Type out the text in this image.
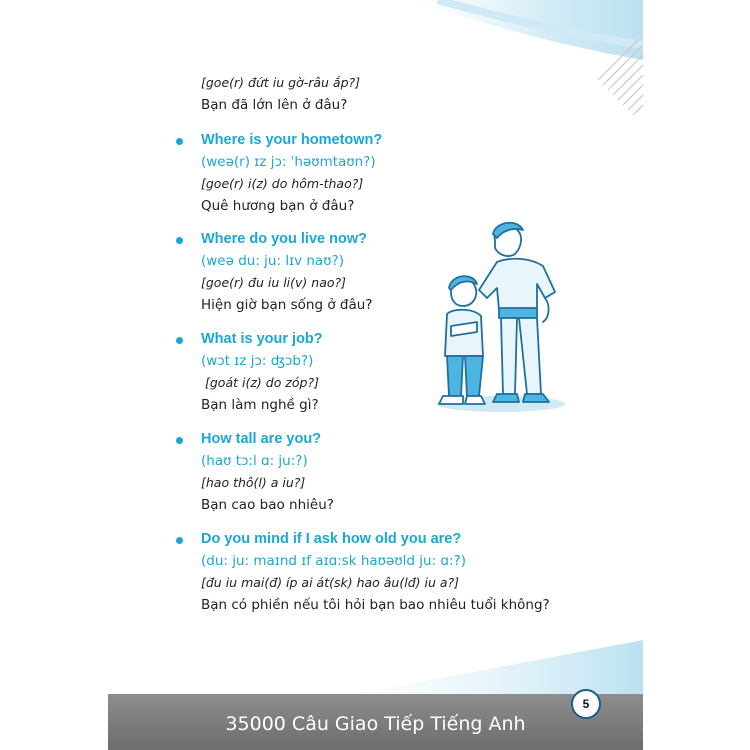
[goe(r) đứt iu gờ-râu ắp?]
Bạn đã lớn lên ở đâu?
Where is your hometown?
(weə(r) ɪz jɔ: ˈhəʊmtaʊn?)
[goe(r) i(z) do hôm-thao?]
Quê hương bạn ở đâu?
Where do you live now?
(weə du: ju: lɪv naʊ?)
[goe(r) đu iu li(v) nao?]
Hiện giờ bạn sống ở đâu?
What is your job?
(wɔt ɪz jɔ: ʤɔb?)
[goát i(z) do zóp?]
Bạn làm nghề gì?
How tall are you?
(haʊ tɔ:l ɑ: ju:?)
[hao thô(l) a iu?]
Bạn cao bao nhiêu?
Do you mind if I ask how old you are?
(du: ju: maɪnd ɪf aɪɑ:sk haʊəʊld ju: ɑ:?)
[đu iu mai(đ) íp ai át(sk) hao âu(lđ) iu a?]
Bạn có phiền nếu tôi hỏi bạn bao nhiêu tuổi không?
35000 Câu Giao Tiếp Tiếng Anh
5
